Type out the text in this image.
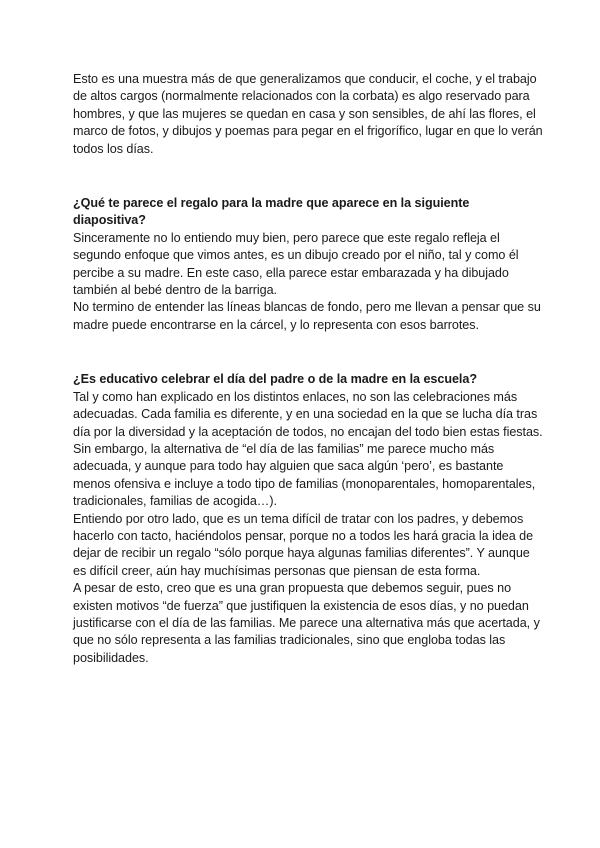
Esto es una muestra más de que generalizamos que conducir, el coche, y el trabajo de altos cargos (normalmente relacionados con la corbata) es algo reservado para hombres, y que las mujeres se quedan en casa y son sensibles, de ahí las flores, el marco de fotos, y dibujos y poemas para pegar en el frigorífico, lugar en que lo verán todos los días.

¿Qué te parece el regalo para la madre que aparece en la siguiente diapositiva?

Sinceramente no lo entiendo muy bien, pero parece que este regalo refleja el segundo enfoque que vimos antes, es un dibujo creado por el niño, tal y como él percibe a su madre. En este caso, ella parece estar embarazada y ha dibujado también al bebé dentro de la barriga.

No termino de entender las líneas blancas de fondo, pero me llevan a pensar que su madre puede encontrarse en la cárcel, y lo representa con esos barrotes.

¿Es educativo celebrar el día del padre o de la madre en la escuela?

Tal y como han explicado en los distintos enlaces, no son las celebraciones más adecuadas. Cada familia es diferente, y en una sociedad en la que se lucha día tras día por la diversidad y la aceptación de todos, no encajan del todo bien estas fiestas. Sin embargo, la alternativa de “el día de las familias” me parece mucho más adecuada, y aunque para todo hay alguien que saca algún ‘pero’, es bastante menos ofensiva e incluye a todo tipo de familias (monoparentales, homoparentales, tradicionales, familias de acogida…).

Entiendo por otro lado, que es un tema difícil de tratar con los padres, y debemos hacerlo con tacto, haciéndolos pensar, porque no a todos les hará gracia la idea de dejar de recibir un regalo “sólo porque haya algunas familias diferentes”. Y aunque es difícil creer, aún hay muchísimas personas que piensan de esta forma.

A pesar de esto, creo que es una gran propuesta que debemos seguir, pues no existen motivos “de fuerza” que justifiquen la existencia de esos días, y no puedan justificarse con el día de las familias. Me parece una alternativa más que acertada, y que no sólo representa a las familias tradicionales, sino que engloba todas las posibilidades.
